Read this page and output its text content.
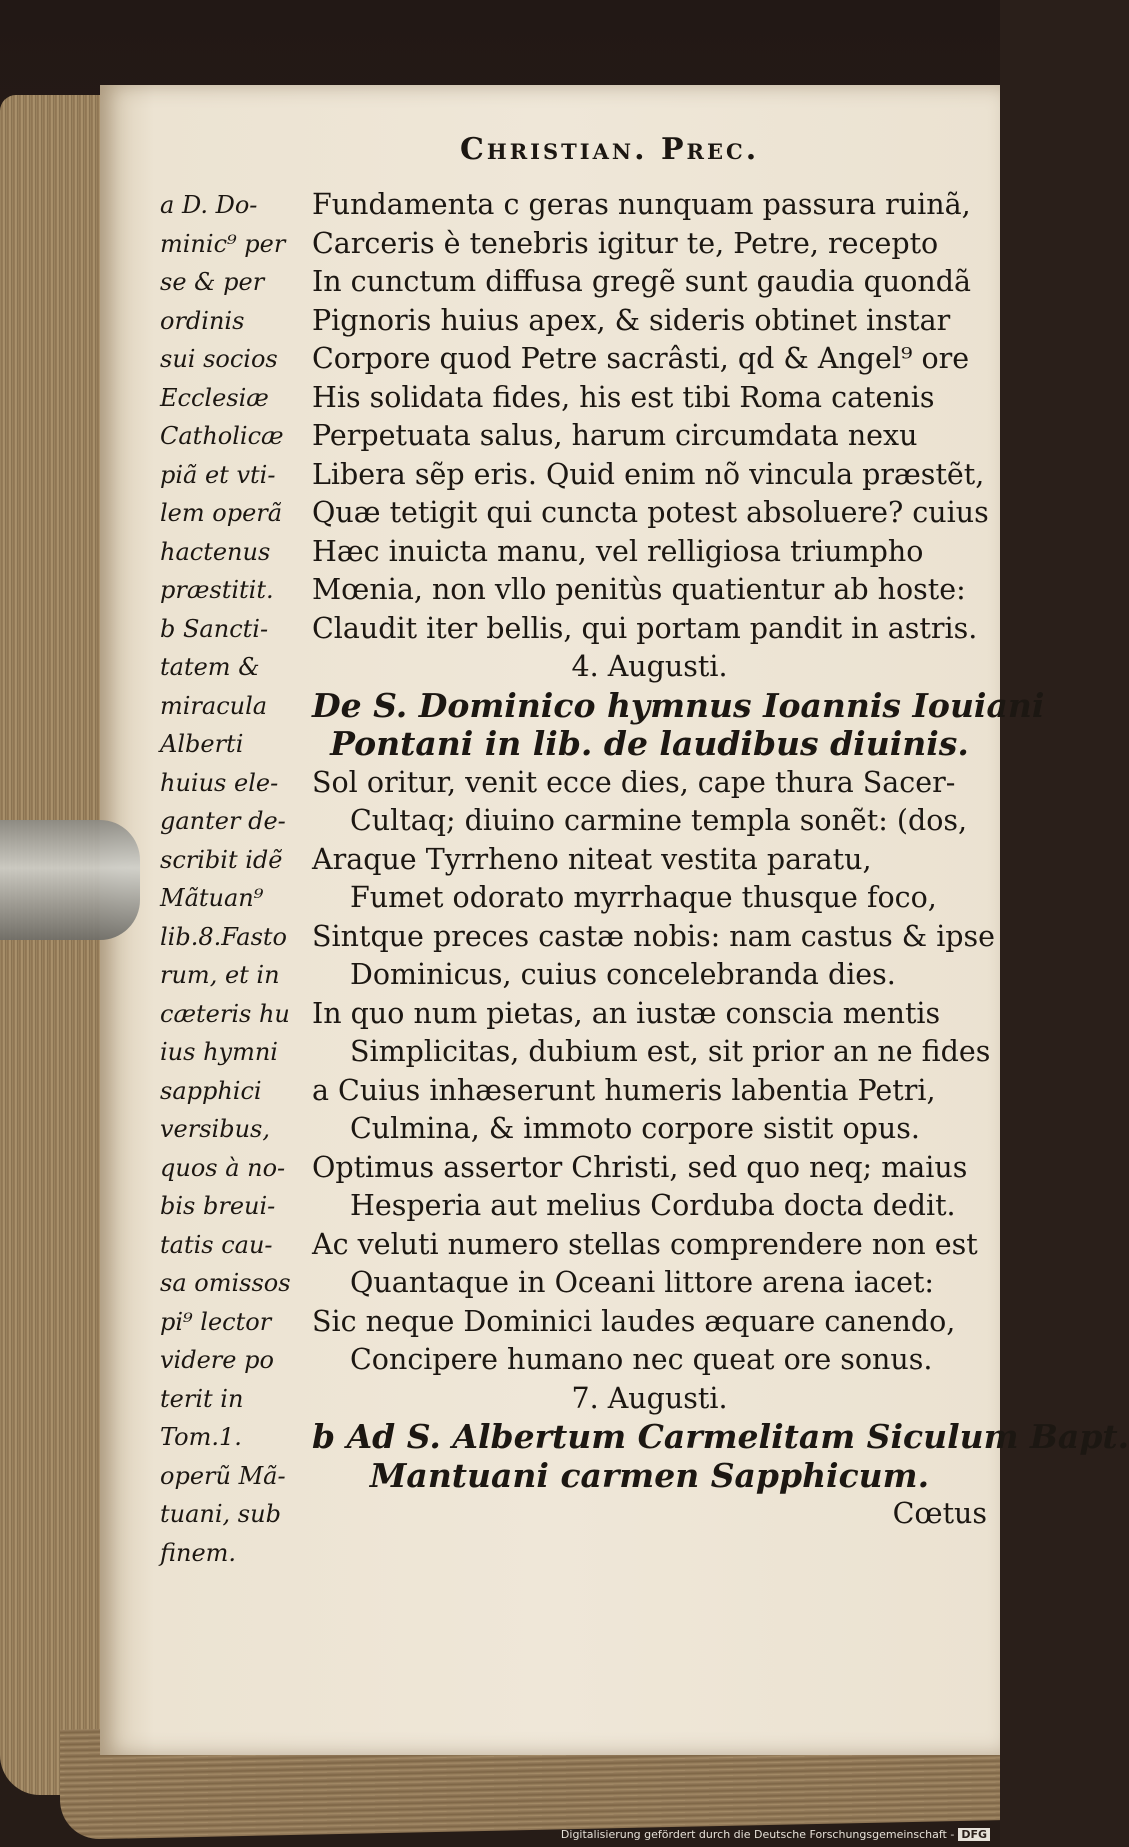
Christian. Prec.
a D. Do-
minic⁹ per
se & per
ordinis
sui socios
Ecclesiæ
Catholicæ
piã et vti-
lem operã
hactenus
præstitit.
b Sancti-
tatem &
miracula
Alberti
huius ele-
ganter de-
scribit idẽ
Mãtuan⁹
lib.8.Fasto
rum, et in
cæteris hu
ius hymni
sapphici
versibus,
quos à no-
bis breui-
tatis cau-
sa omissos
pi⁹ lector
videre po
terit in
Tom.1.
operũ Mã-
tuani, sub
finem.
Fundamenta c geras nunquam passura ruinã,
Carceris è tenebris igitur te, Petre, recepto
In cunctum diffusa gregẽ sunt gaudia quondã
Pignoris huius apex, & sideris obtinet instar
Corpore quod Petre sacrâsti, qd & Angel⁹ ore
His solidata fides, his est tibi Roma catenis
Perpetuata salus, harum circumdata nexu
Libera sẽp eris. Quid enim nõ vincula præstẽt,
Quæ tetigit qui cuncta potest absoluere? cuius
Hæc inuicta manu, vel relligiosa triumpho
Mœnia, non vllo penitùs quatientur ab hoste:
Claudit iter bellis, qui portam pandit in astris.
4. Augusti.
De S. Dominico hymnus Ioannis Iouiani
Pontani in lib. de laudibus diuinis.
Sol oritur, venit ecce dies, cape thura Sacer-
Cultaq; diuino carmine templa sonẽt: (dos,
Araque Tyrrheno niteat vestita paratu,
Fumet odorato myrrhaque thusque foco,
Sintque preces castæ nobis: nam castus & ipse
Dominicus, cuius concelebranda dies.
In quo num pietas, an iustæ conscia mentis
Simplicitas, dubium est, sit prior an ne fides
a Cuius inhæserunt humeris labentia Petri,
Culmina, & immoto corpore sistit opus.
Optimus assertor Christi, sed quo neq; maius
Hesperia aut melius Corduba docta dedit.
Ac veluti numero stellas comprendere non est
Quantaque in Oceani littore arena iacet:
Sic neque Dominici laudes æquare canendo,
Concipere humano nec queat ore sonus.
7. Augusti.
b Ad S. Albertum Carmelitam Siculum Bapt.
Mantuani carmen Sapphicum.
Cœtus
Digitalisierung gefördert durch die Deutsche Forschungsgemeinschaft - DFG
